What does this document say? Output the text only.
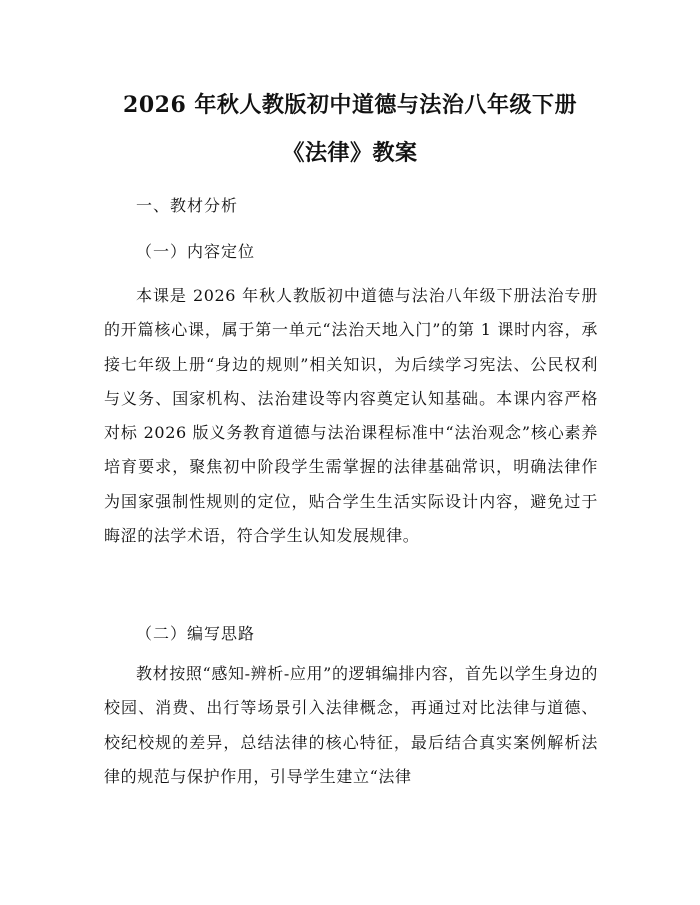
2026 年秋人教版初中道德与法治八年级下册
《法律》教案

一、教材分析

（一）内容定位

本课是 2026 年秋人教版初中道德与法治八年级下册法治专册的开篇核心课，属于第一单元“法治天地入门”的第 1 课时内容，承接七年级上册“身边的规则”相关知识，为后续学习宪法、公民权利与义务、国家机构、法治建设等内容奠定认知基础。本课内容严格对标 2026 版义务教育道德与法治课程标准中“法治观念”核心素养培育要求，聚焦初中阶段学生需掌握的法律基础常识，明确法律作为国家强制性规则的定位，贴合学生生活实际设计内容，避免过于晦涩的法学术语，符合学生认知发展规律。

（二）编写思路

教材按照“感知-辨析-应用”的逻辑编排内容，首先以学生身边的校园、消费、出行等场景引入法律概念，再通过对比法律与道德、校纪校规的差异，总结法律的核心特征，最后结合真实案例解析法律的规范与保护作用，引导学生建立“法律
